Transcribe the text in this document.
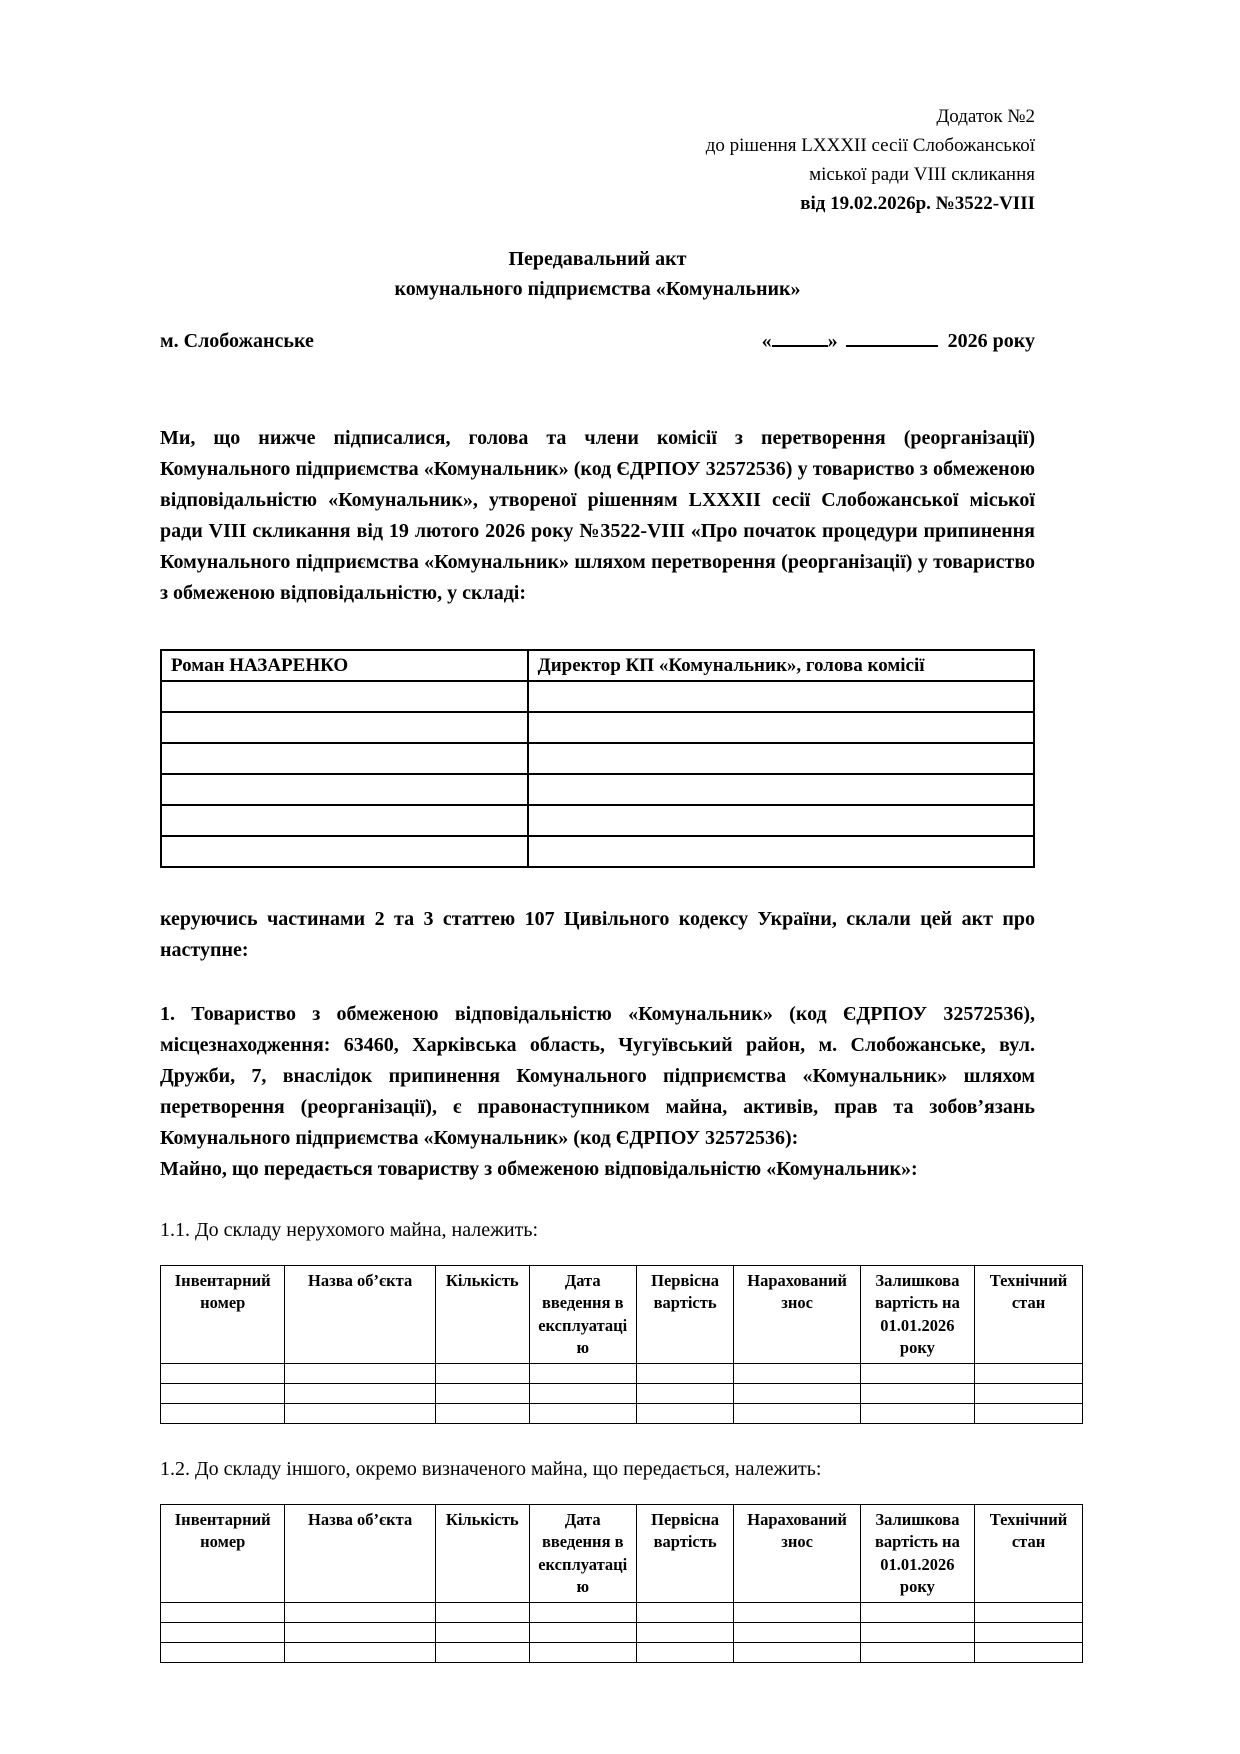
Додаток №2
до рішення LXXXII сесії Слобожанської
міської ради VIII скликання
від 19.02.2026р. №3522-VIII
Передавальний акт
комунального підприємства «Комунальник»
м. Слобожанське	«	»	2026 року
Ми, що нижче підписалися, голова та члени комісії з перетворення (реорганізації) Комунального підприємства «Комунальник» (код ЄДРПОУ 32572536) у товариство з обмеженою відповідальністю «Комунальник», утвореної рішенням LXXXII сесії Слобожанської міської ради VIII скликання від 19 лютого 2026 року №3522-VIII «Про початок процедури припинення Комунального підприємства «Комунальник» шляхом перетворення (реорганізації) у товариство з обмеженою відповідальністю, у складі:
Роман НАЗАРЕНКО	Директор КП «Комунальник», голова комісії

керуючись частинами 2 та 3 статтею 107 Цивільного кодексу України, склали цей акт про наступне:
1. Товариство з обмеженою відповідальністю «Комунальник» (код ЄДРПОУ 32572536), місцезнаходження: 63460, Харківська область, Чугуївський район, м. Слобожанське, вул. Дружби, 7, внаслідок припинення Комунального підприємства «Комунальник» шляхом перетворення (реорганізації), є правонаступником майна, активів, прав та зобов’язань Комунального підприємства «Комунальник» (код ЄДРПОУ 32572536):
Майно, що передається товариству з обмеженою відповідальністю «Комунальник»:
1.1. До складу нерухомого майна, належить:
Інвентарний номер	Назва об’єкта	Кількість	Дата введення в експлуатацію	Первісна вартість	Нарахований знос	Залишкова вартість на 01.01.2026 року	Технічний стан

1.2. До складу іншого, окремо визначеного майна, що передається, належить:
Інвентарний номер	Назва об’єкта	Кількість	Дата введення в експлуатацію	Первісна вартість	Нарахований знос	Залишкова вартість на 01.01.2026 року	Технічний стан
